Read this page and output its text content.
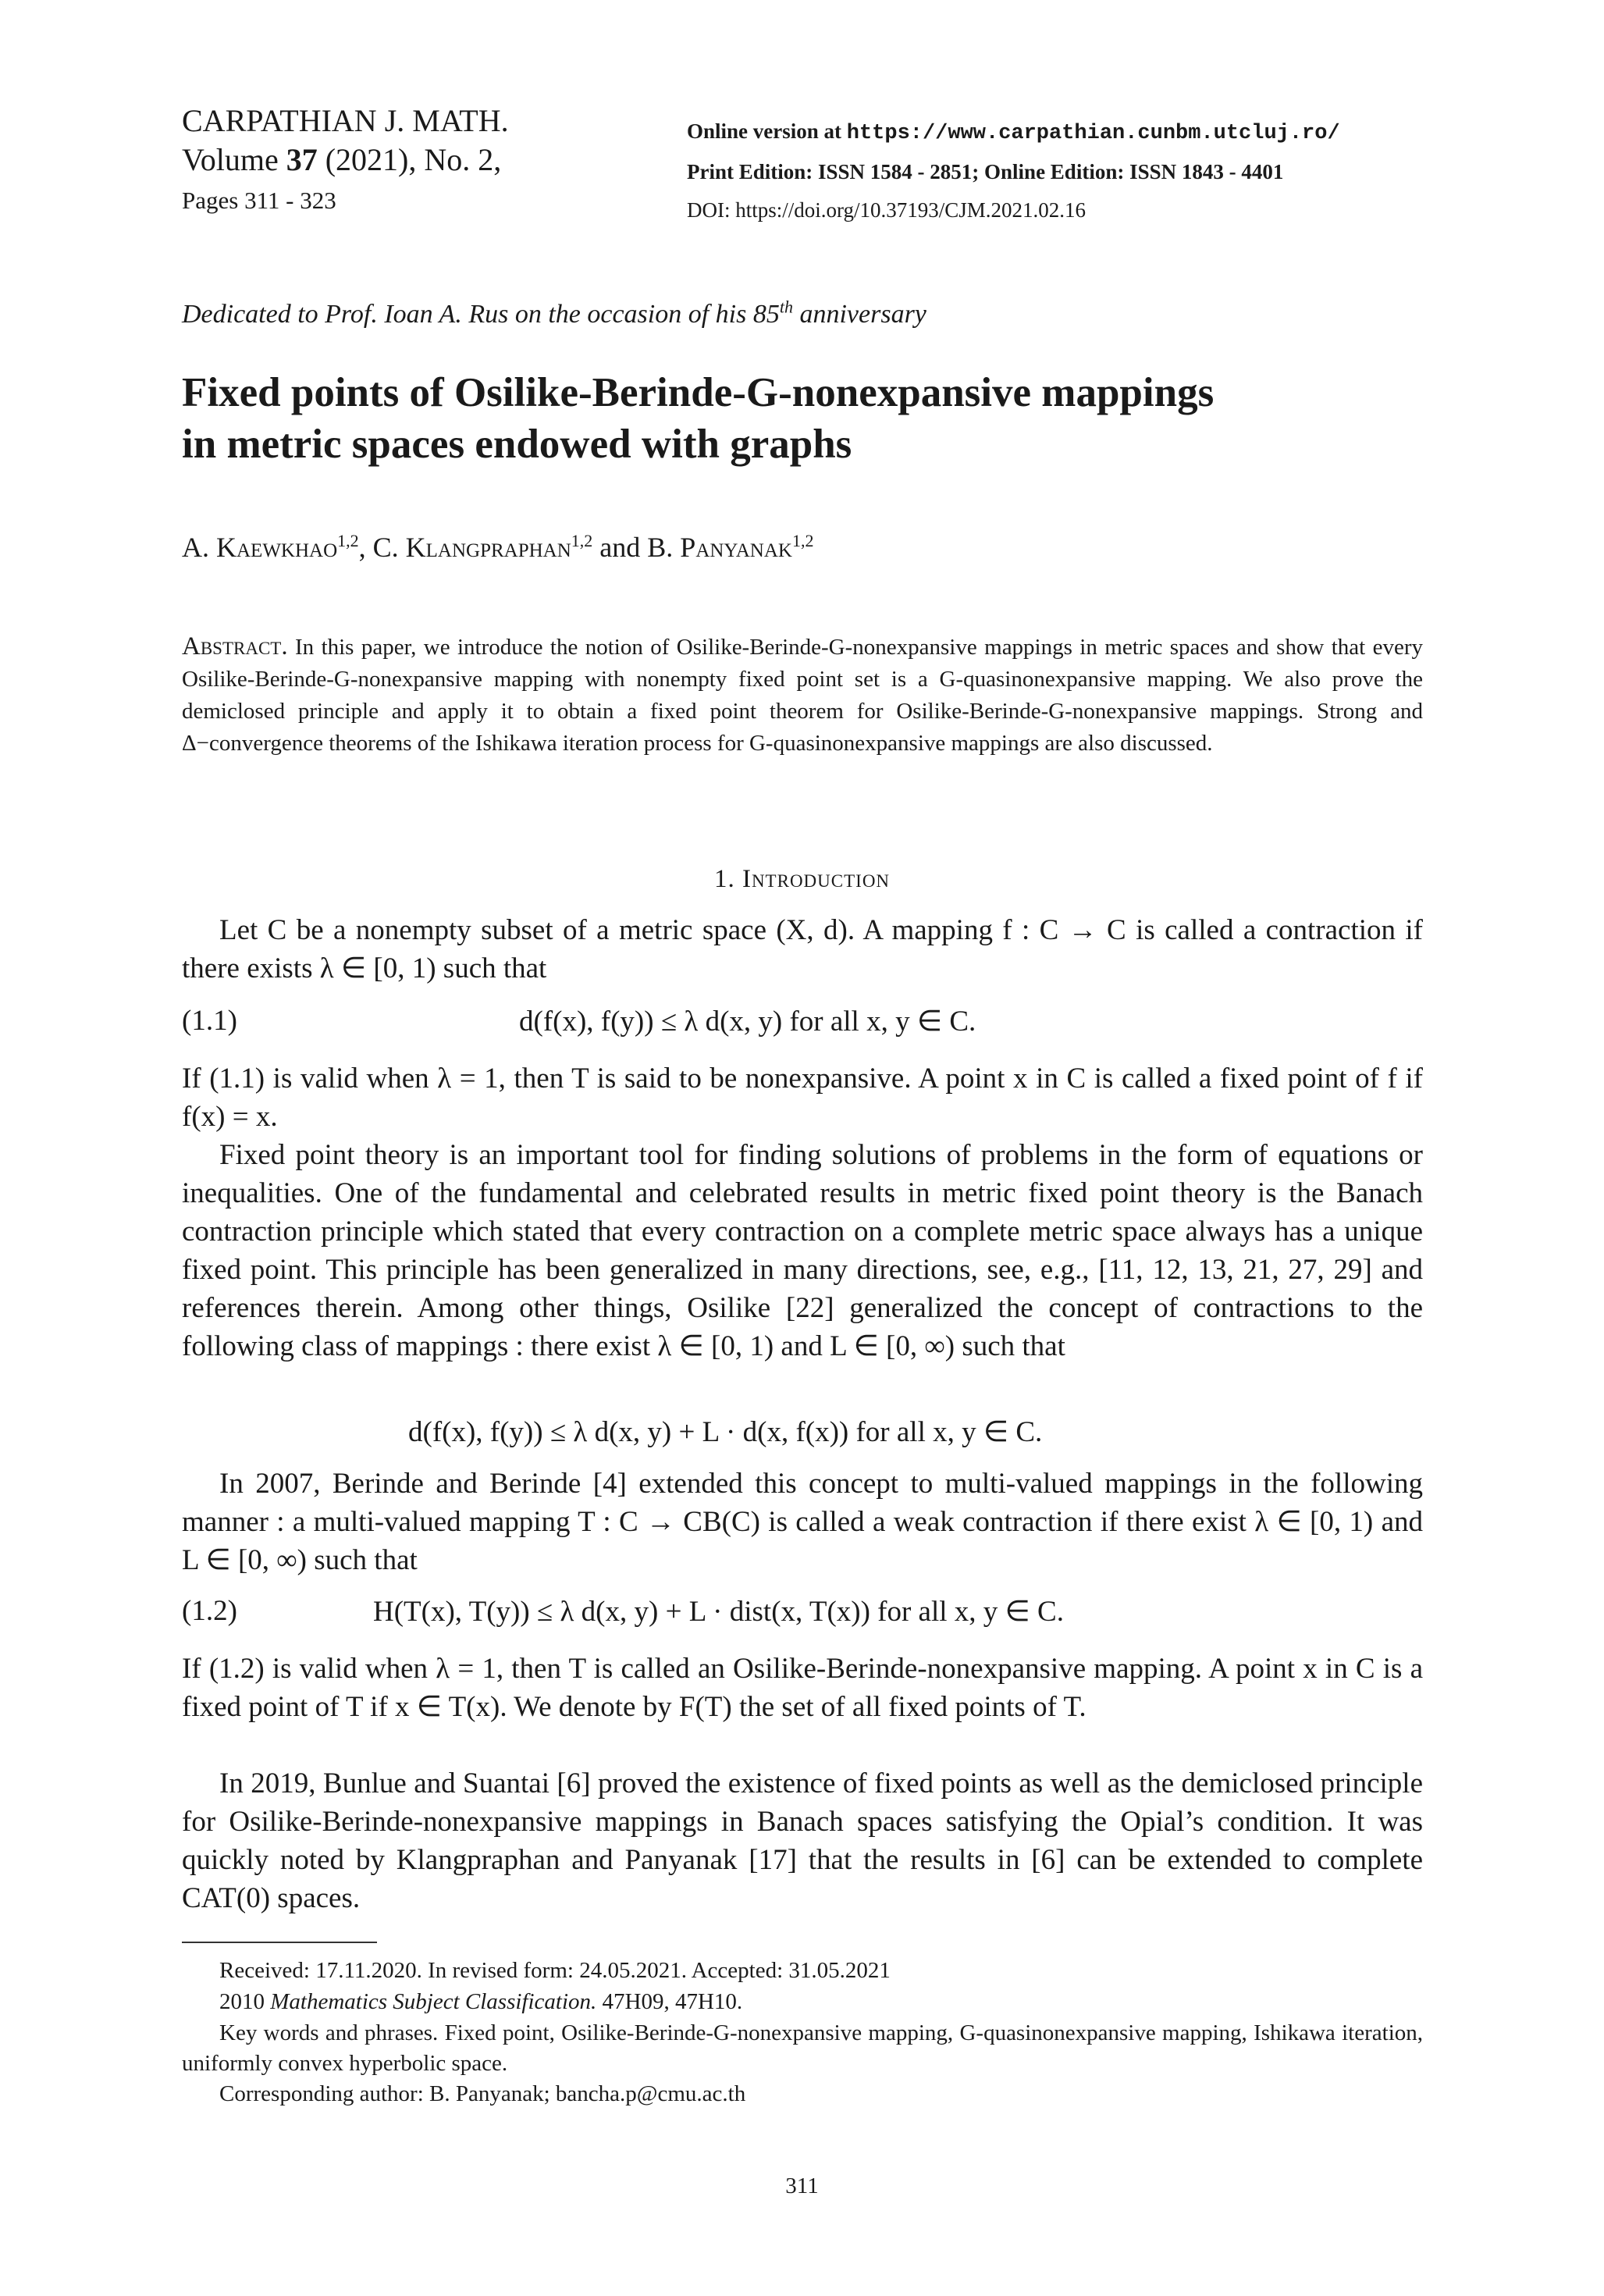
CARPATHIAN J. MATH.
Volume 37 (2021), No. 2,
Pages 311 - 323
Online version at https://www.carpathian.cunbm.utcluj.ro/
Print Edition: ISSN 1584 - 2851; Online Edition: ISSN 1843 - 4401
DOI: https://doi.org/10.37193/CJM.2021.02.16
Dedicated to Prof. Ioan A. Rus on the occasion of his 85th anniversary
Fixed points of Osilike-Berinde-G-nonexpansive mappings
in metric spaces endowed with graphs
A. Kaewkhao$^{1,2}$, C. Klangpraphan$^{1,2}$ and B. Panyanak$^{1,2}$
Abstract. In this paper, we introduce the notion of Osilike-Berinde-G-nonexpansive mappings in metric spaces and show that every Osilike-Berinde-G-nonexpansive mapping with nonempty fixed point set is a G-quasinonexpansive mapping. We also prove the demiclosed principle and apply it to obtain a fixed point theorem for Osilike-Berinde-G-nonexpansive mappings. Strong and Δ−convergence theorems of the Ishikawa iteration process for G-quasinonexpansive mappings are also discussed.
1. Introduction
Let C be a nonempty subset of a metric space (X, d). A mapping f : C → C is called a contraction if there exists λ ∈ [0, 1) such that
(1.1)	d(f(x), f(y)) ≤ λ d(x, y) for all x, y ∈ C.
If (1.1) is valid when λ = 1, then T is said to be nonexpansive. A point x in C is called a fixed point of f if f(x) = x.
Fixed point theory is an important tool for finding solutions of problems in the form of equations or inequalities. One of the fundamental and celebrated results in metric fixed point theory is the Banach contraction principle which stated that every contraction on a complete metric space always has a unique fixed point. This principle has been generalized in many directions, see, e.g., [11, 12, 13, 21, 27, 29] and references therein. Among other things, Osilike [22] generalized the concept of contractions to the following class of mappings : there exist λ ∈ [0, 1) and L ∈ [0, ∞) such that
d(f(x), f(y)) ≤ λ d(x, y) + L · d(x, f(x)) for all x, y ∈ C.
In 2007, Berinde and Berinde [4] extended this concept to multi-valued mappings in the following manner : a multi-valued mapping T : C → CB(C) is called a weak contraction if there exist λ ∈ [0, 1) and L ∈ [0, ∞) such that
(1.2)	H(T(x), T(y)) ≤ λ d(x, y) + L · dist(x, T(x)) for all x, y ∈ C.
If (1.2) is valid when λ = 1, then T is called an Osilike-Berinde-nonexpansive mapping. A point x in C is a fixed point of T if x ∈ T(x). We denote by F(T) the set of all fixed points of T.
In 2019, Bunlue and Suantai [6] proved the existence of fixed points as well as the demiclosed principle for Osilike-Berinde-nonexpansive mappings in Banach spaces satisfying the Opial’s condition. It was quickly noted by Klangpraphan and Panyanak [17] that the results in [6] can be extended to complete CAT(0) spaces.
Received: 17.11.2020. In revised form: 24.05.2021. Accepted: 31.05.2021
2010 Mathematics Subject Classification. 47H09, 47H10.
Key words and phrases. Fixed point, Osilike-Berinde-G-nonexpansive mapping, G-quasinonexpansive mapping, Ishikawa iteration, uniformly convex hyperbolic space.
Corresponding author: B. Panyanak; bancha.p@cmu.ac.th
311
